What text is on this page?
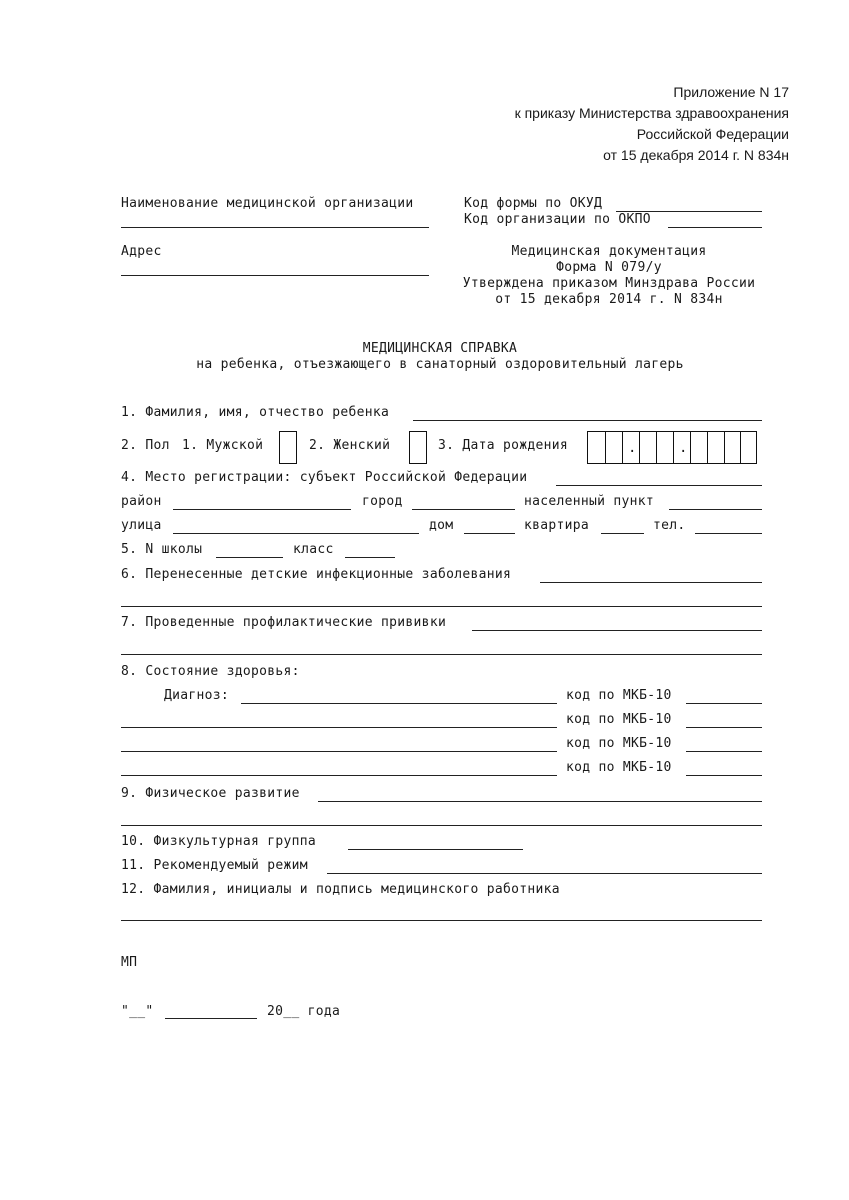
Приложение N 17
к приказу Министерства здравоохранения
Российской Федерации
от 15 декабря 2014 г. N 834н
Наименование медицинской организации
Адрес
Код формы по ОКУД
Код организации по ОКПО
Медицинская документация
Форма N 079/у
Утверждена приказом Минздрава России
от 15 декабря 2014 г. N 834н
МЕДИЦИНСКАЯ СПРАВКА
на ребенка, отъезжающего в санаторный оздоровительный лагерь
1. Фамилия, имя, отчество ребенка
2. Пол 1. Мужской	2. Женский	3. Дата рождения	.	.
4. Место регистрации: субъект Российской Федерации
район	город	населенный пункт
улица	дом	квартира	тел.
5. N школы	класс
6. Перенесенные детские инфекционные заболевания
7. Проведенные профилактические прививки
8. Состояние здоровья:
Диагноз:	код по МКБ-10
код по МКБ-10
код по МКБ-10
код по МКБ-10
9. Физическое развитие
10. Физкультурная группа
11. Рекомендуемый режим
12. Фамилия, инициалы и подпись медицинского работника
МП
"__"	20__ года
